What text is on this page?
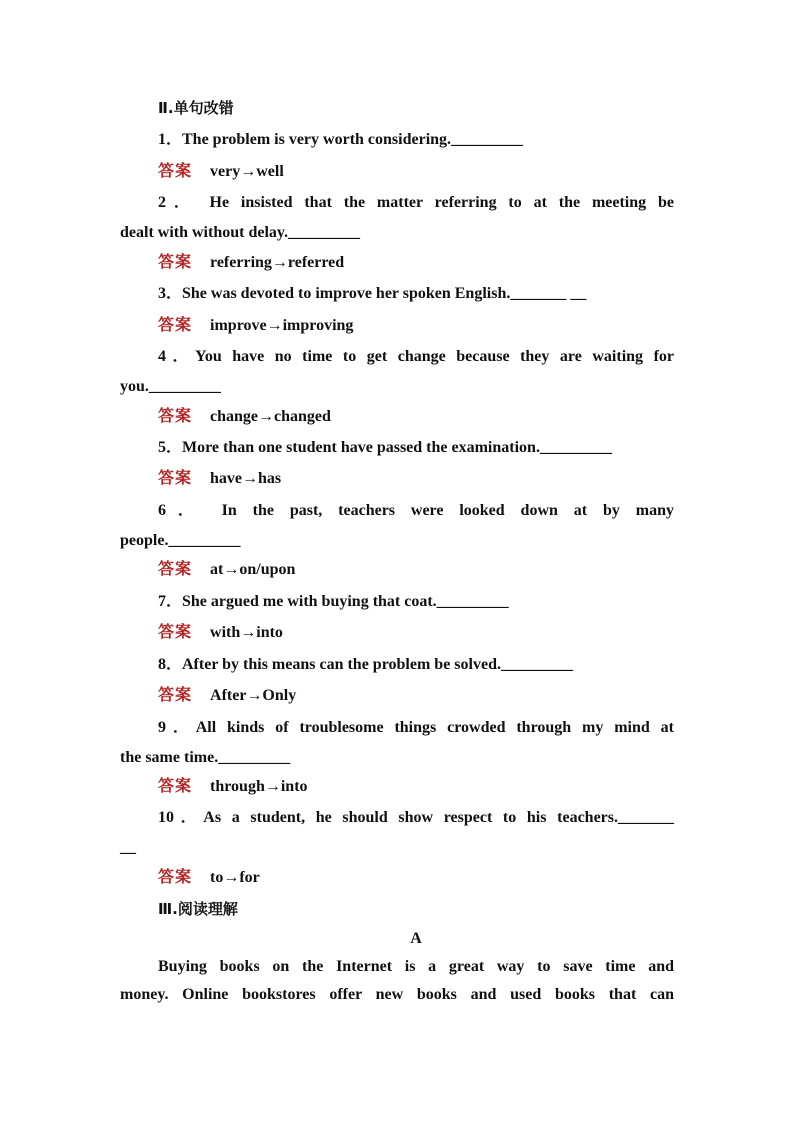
Ⅱ.单句改错
1．The problem is very worth considering._________
答案 very→well
2． He insisted that the matter referring to at the meeting be
dealt with without delay._________
答案 referring→referred
3．She was devoted to improve her spoken English._______ __
答案 improve→improving
4．You have no time to get change because they are waiting for
you._________
答案 change→changed
5．More than one student have passed the examination._________
答案 have→has
6． In the past, teachers were looked down at by many
people._________
答案 at→on/upon
7．She argued me with buying that coat._________
答案 with→into
8．After by this means can the problem be solved._________
答案 After→Only
9．All kinds of troublesome things crowded through my mind at
the same time._________
答案 through→into
10．As a student, he should show respect to his teachers._______
__
答案 to→for
Ⅲ.阅读理解
A
Buying books on the Internet is a great way to save time and
money. Online bookstores offer new books and used books that can
